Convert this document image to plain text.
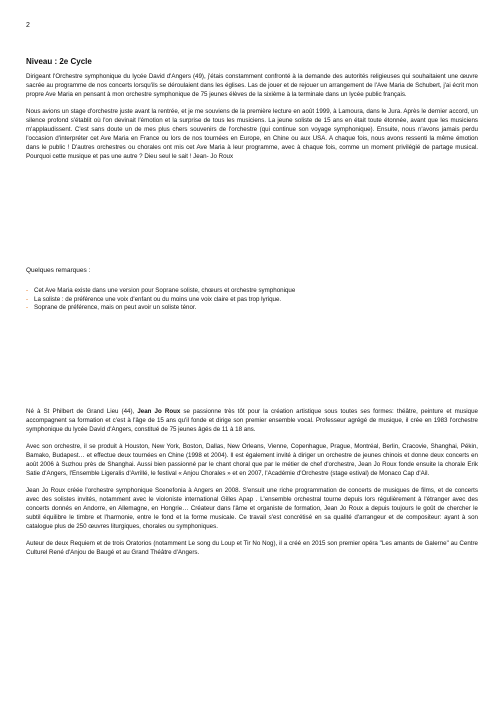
2
Niveau : 2e Cycle

Dirigeant l'Orchestre symphonique du lycée David d'Angers (49), j'étais constamment confronté à la demande des autorités religieuses qui souhaitaient une œuvre sacrée au programme de nos concerts lorsqu'ils se déroulaient dans les églises. Las de jouer et de rejouer un arrangement de l'Ave Maria de Schubert, j'ai écrit mon propre Ave Maria en pensant à mon orchestre symphonique de 75 jeunes élèves de la sixième à la terminale dans un lycée public français.

Nous avions un stage d'orchestre juste avant la rentrée, et je me souviens de la première lecture en août 1999, à Lamoura, dans le Jura. Après le dernier accord, un silence profond s'établit où l'on devinait l'émotion et la surprise de tous les musiciens. La jeune soliste de 15 ans en était toute étonnée, avant que les musiciens m'applaudissent. C'est sans doute un de mes plus chers souvenirs de l'orchestre (qui continue son voyage symphonique). Ensuite, nous n'avons jamais perdu l'occasion d'interpréter cet Ave Maria en France ou lors de nos tournées en Europe, en Chine ou aux USA. A chaque fois, nous avons ressenti la même émotion dans le public ! D'autres orchestres ou chorales ont mis cet Ave Maria à leur programme, avec à chaque fois, comme un moment privilégié de partage musical. Pourquoi cette musique et pas une autre ? Dieu seul le sait ! Jean- Jo Roux

Quelques remarques :
- Cet Ave Maria existe dans une version pour Soprane soliste, chœurs et orchestre symphonique
- La soliste : de préférence une voix d'enfant ou du moins une voix claire et pas trop lyrique.
- Soprane de préférence, mais on peut avoir un soliste ténor.

Né à St Philbert de Grand Lieu (44), Jean Jo Roux se passionne très tôt pour la création artistique sous toutes ses formes: théâtre, peinture et musique accompagnent sa formation et c'est à l'âge de 15 ans qu'il fonde et dirige son premier ensemble vocal. Professeur agrégé de musique, il crée en 1983 l'orchestre symphonique du lycée David d'Angers, constitué de 75 jeunes âgés de 11 à 18 ans.

Avec son orchestre, il se produit à Houston, New York, Boston, Dallas, New Orleans, Vienne, Copenhague, Prague, Montréal, Berlin, Cracovie, Shanghai, Pékin, Bamako, Budapest… et effectue deux tournées en Chine (1998 et 2004). Il est également invité à diriger un orchestre de jeunes chinois et donne deux concerts en août 2006 à Suzhou près de Shanghai. Aussi bien passionné par le chant choral que par le métier de chef d'orchestre, Jean Jo Roux fonde ensuite la chorale Erik Satie d'Angers, l'Ensemble Ligeralis d'Avrillé, le festival « Anjou Chorales » et en 2007, l'Académie d'Orchestre (stage estival) de Monaco Cap d'Ail.

Jean Jo Roux créée l'orchestre symphonique Scenefonia à Angers en 2008. S'ensuit une riche programmation de concerts de musiques de films, et de concerts avec des solistes invités, notamment avec le violoniste international Gilles Apap . L'ensemble orchestral tourne depuis lors régulièrement à l'étranger avec des concerts donnés en Andorre, en Allemagne, en Hongrie… Créateur dans l'âme et organiste de formation, Jean Jo Roux a depuis toujours le goût de chercher le subtil équilibre le timbre et l'harmonie, entre le fond et la forme musicale. Ce travail s'est concrétisé en sa qualité d'arrangeur et de compositeur: ayant à son catalogue plus de 250 œuvres liturgiques, chorales ou symphoniques.

Auteur de deux Requiem et de trois Oratorios (notamment Le song du Loup et Tir No Nog), il a créé en 2015 son premier opéra "Les amants de Galerne" au Centre Culturel René d'Anjou de Baugé et au Grand Théâtre d'Angers.
